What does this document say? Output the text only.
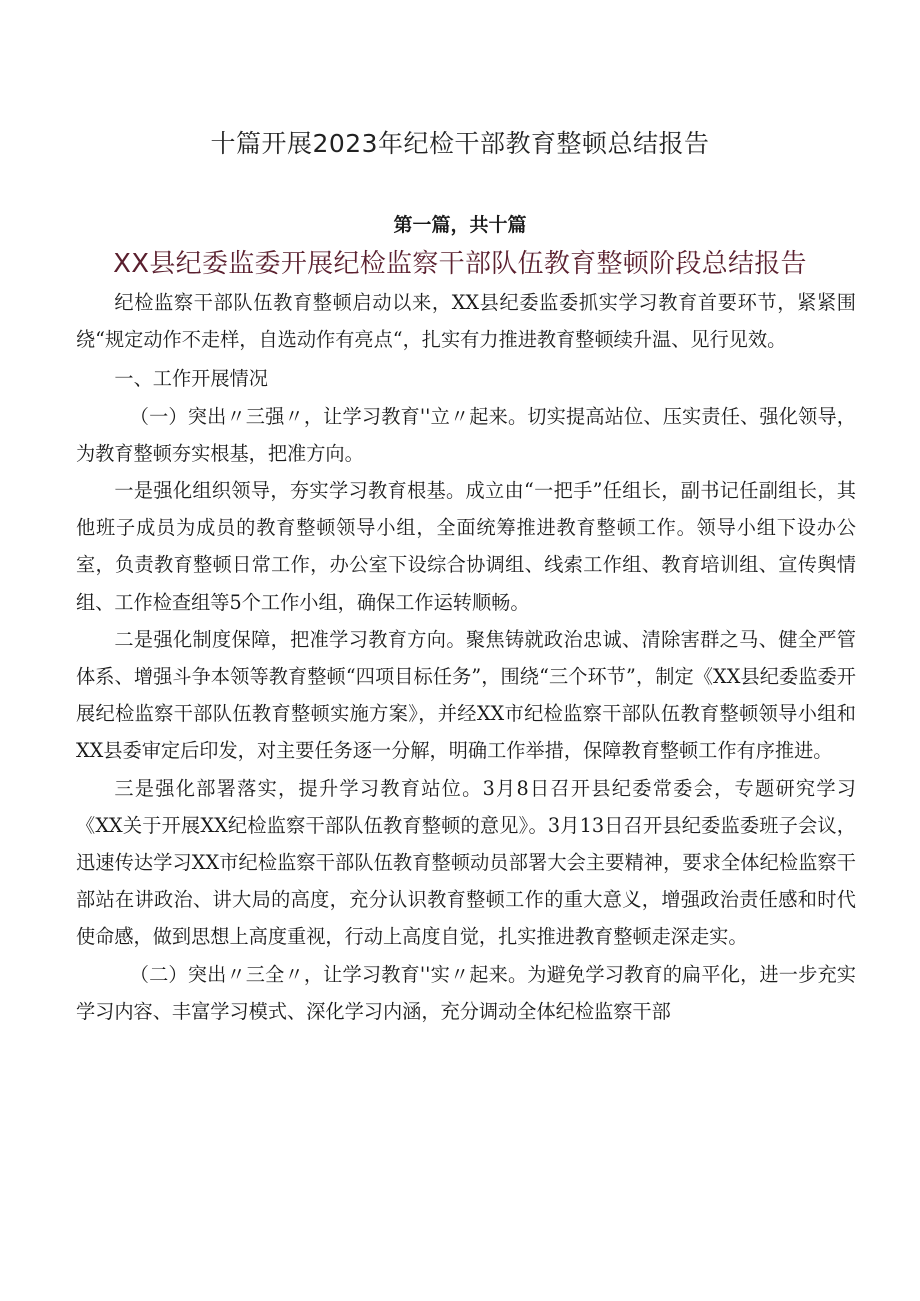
十篇开展2023年纪检干部教育整顿总结报告
第一篇，共十篇
XX县纪委监委开展纪检监察干部队伍教育整顿阶段总结报告

纪检监察干部队伍教育整顿启动以来，XX县纪委监委抓实学习教育首要环节，紧紧围绕“规定动作不走样，自选动作有亮点“，扎实有力推进教育整顿续升温、见行见效。

一、工作开展情况

（一）突出〃三强〃，让学习教育''立〃起来。切实提高站位、压实责任、强化领导，为教育整顿夯实根基，把准方向。

一是强化组织领导，夯实学习教育根基。成立由“一把手”任组长，副书记任副组长，其他班子成员为成员的教育整顿领导小组，全面统筹推进教育整顿工作。领导小组下设办公室，负责教育整顿日常工作，办公室下设综合协调组、线索工作组、教育培训组、宣传舆情组、工作检查组等5个工作小组，确保工作运转顺畅。

二是强化制度保障，把准学习教育方向。聚焦铸就政治忠诚、清除害群之马、健全严管体系、增强斗争本领等教育整顿“四项目标任务”，围绕“三个环节”，制定《XX县纪委监委开展纪检监察干部队伍教育整顿实施方案》，并经XX市纪检监察干部队伍教育整顿领导小组和XX县委审定后印发，对主要任务逐一分解，明确工作举措，保障教育整顿工作有序推进。

三是强化部署落实，提升学习教育站位。3月8日召开县纪委常委会，专题研究学习《XX关于开展XX纪检监察干部队伍教育整顿的意见》。3月13日召开县纪委监委班子会议，迅速传达学习XX市纪检监察干部队伍教育整顿动员部署大会主要精神，要求全体纪检监察干部站在讲政治、讲大局的高度，充分认识教育整顿工作的重大意义，增强政治责任感和时代使命感，做到思想上高度重视，行动上高度自觉，扎实推进教育整顿走深走实。

（二）突出〃三全〃，让学习教育''实〃起来。为避免学习教育的扁平化，进一步充实学习内容、丰富学习模式、深化学习内涵，充分调动全体纪检监察干部
